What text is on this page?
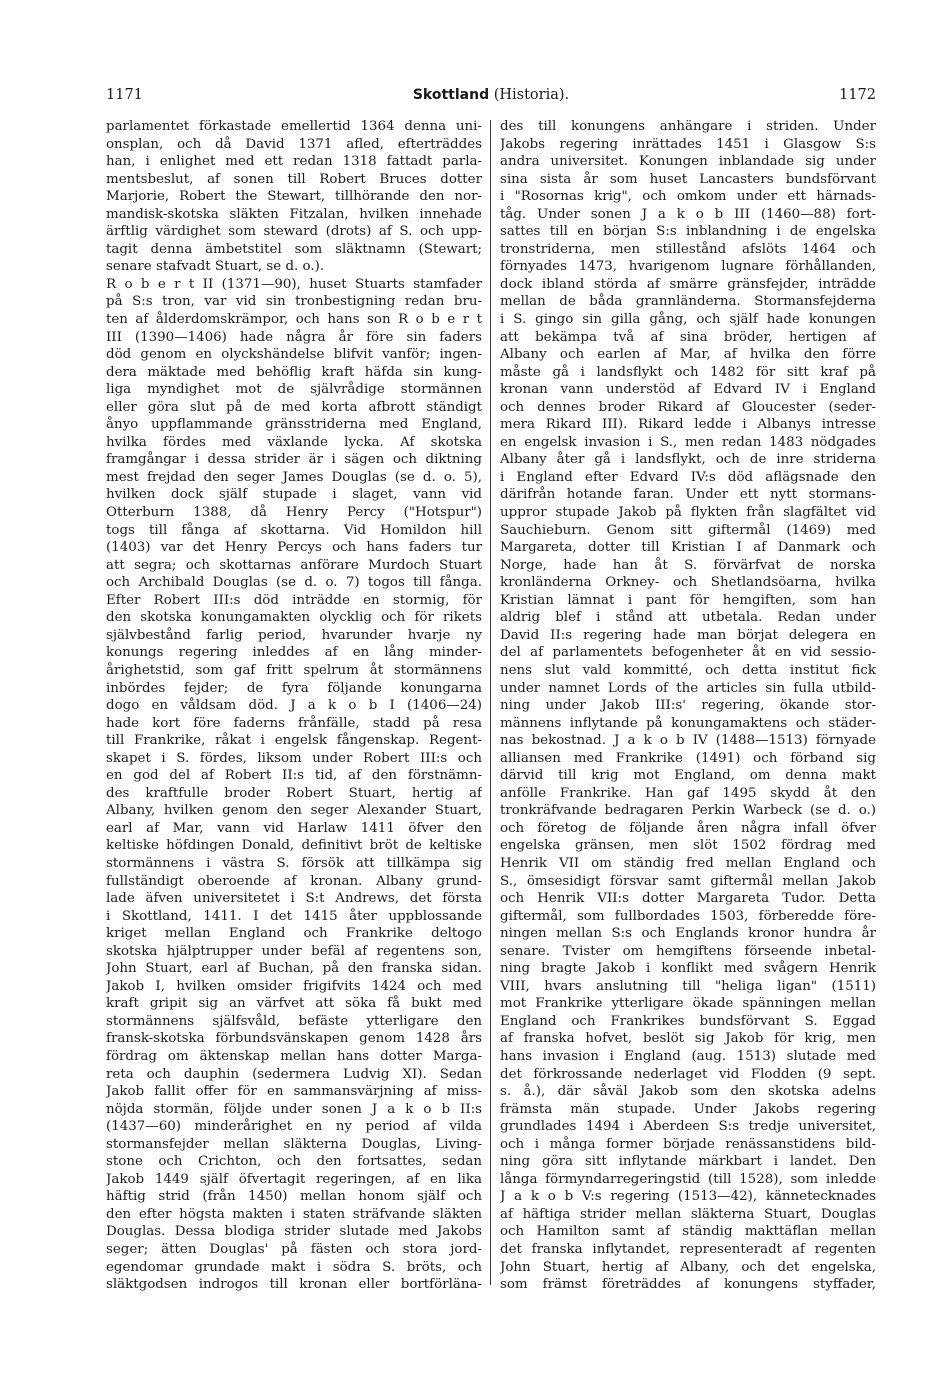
1171	Skottland (Historia).	1172
parlamentet förkastade emellertid 1364 denna uni-
onsplan, och då David 1371 afled, efterträddes
han, i enlighet med ett redan 1318 fattadt parla-
mentsbeslut, af sonen till Robert Bruces dotter
Marjorie, Robert the Stewart, tillhörande den nor-
mandisk-skotska släkten Fitzalan, hvilken innehade
ärftlig värdighet som steward (drots) af S. och upp-
tagit denna ämbetstitel som släktnamn (Stewart;
senare stafvadt Stuart, se d. o.).
R o b e r t II (1371—90), huset Stuarts stamfader
på S:s tron, var vid sin tronbestigning redan bru-
ten af ålderdomskrämpor, och hans son R o b e r t
III (1390—1406) hade några år före sin faders
död genom en olyckshändelse blifvit vanför; ingen-
dera mäktade med behöflig kraft häfda sin kung-
liga myndighet mot de självrådige stormännen
eller göra slut på de med korta afbrott ständigt
ånyo uppflammande gränsstriderna med England,
hvilka fördes med växlande lycka. Af skotska
framgångar i dessa strider är i sägen och diktning
mest frejdad den seger James Douglas (se d. o. 5),
hvilken dock själf stupade i slaget, vann vid
Otterburn 1388, då Henry Percy ("Hotspur")
togs till fånga af skottarna. Vid Homildon hill
(1403) var det Henry Percys och hans faders tur
att segra; och skottarnas anförare Murdoch Stuart
och Archibald Douglas (se d. o. 7) togos till fånga.
Efter Robert III:s död inträdde en stormig, för
den skotska konungamakten olycklig och för rikets
självbestånd farlig period, hvarunder hvarje ny
konungs regering inleddes af en lång minder-
årighetstid, som gaf fritt spelrum åt stormännens
inbördes fejder; de fyra följande konungarna
dogo en våldsam död. J a k o b I (1406—24)
hade kort före faderns frånfälle, stadd på resa
till Frankrike, råkat i engelsk fångenskap. Regent-
skapet i S. fördes, liksom under Robert III:s och
en god del af Robert II:s tid, af den förstnämn-
des kraftfulle broder Robert Stuart, hertig af
Albany, hvilken genom den seger Alexander Stuart,
earl af Mar, vann vid Harlaw 1411 öfver den
keltiske höfdingen Donald, definitivt bröt de keltiske
stormännens i västra S. försök att tillkämpa sig
fullständigt oberoende af kronan. Albany grund-
lade äfven universitetet i S:t Andrews, det första
i Skottland, 1411. I det 1415 åter uppblossande
kriget mellan England och Frankrike deltogo
skotska hjälptrupper under befäl af regentens son,
John Stuart, earl af Buchan, på den franska sidan.
Jakob I, hvilken omsider frigifvits 1424 och med
kraft gripit sig an värfvet att söka få bukt med
stormännens själfsvåld, befäste ytterligare den
fransk-skotska förbundsvänskapen genom 1428 års
fördrag om äktenskap mellan hans dotter Marga-
reta och dauphin (sedermera Ludvig XI). Sedan
Jakob fallit offer för en sammansvärjning af miss-
nöjda stormän, följde under sonen J a k o b II:s
(1437—60) minderårighet en ny period af vilda
stormansfejder mellan släkterna Douglas, Living-
stone och Crichton, och den fortsattes, sedan
Jakob 1449 själf öfvertagit regeringen, af en lika
häftig strid (från 1450) mellan honom själf och
den efter högsta makten i staten sträfvande släkten
Douglas. Dessa blodiga strider slutade med Jakobs
seger; ätten Douglas' på fästen och stora jord-
egendomar grundade makt i södra S. bröts, och
släktgodsen indrogos till kronan eller bortförläna-
des till konungens anhängare i striden. Under
Jakobs regering inrättades 1451 i Glasgow S:s
andra universitet. Konungen inblandade sig under
sina sista år som huset Lancasters bundsförvant
i "Rosornas krig", och omkom under ett härnads-
tåg. Under sonen J a k o b III (1460—88) fort-
sattes till en början S:s inblandning i de engelska
tronstriderna, men stillestånd afslöts 1464 och
förnyades 1473, hvarigenom lugnare förhållanden,
dock ibland störda af smärre gränsfejder, inträdde
mellan de båda grannländerna. Stormansfejderna
i S. gingo sin gilla gång, och själf hade konungen
att bekämpa två af sina bröder, hertigen af
Albany och earlen af Mar, af hvilka den förre
måste gå i landsflykt och 1482 för sitt kraf på
kronan vann understöd af Edvard IV i England
och dennes broder Rikard af Gloucester (seder-
mera Rikard III). Rikard ledde i Albanys intresse
en engelsk invasion i S., men redan 1483 nödgades
Albany åter gå i landsflykt, och de inre striderna
i England efter Edvard IV:s död aflägsnade den
därifrån hotande faran. Under ett nytt stormans-
uppror stupade Jakob på flykten från slagfältet vid
Sauchieburn. Genom sitt giftermål (1469) med
Margareta, dotter till Kristian I af Danmark och
Norge, hade han åt S. förvärfvat de norska
kronländerna Orkney- och Shetlandsöarna, hvilka
Kristian lämnat i pant för hemgiften, som han
aldrig blef i stånd att utbetala. Redan under
David II:s regering hade man börjat delegera en
del af parlamentets befogenheter åt en vid sessio-
nens slut vald kommitté, och detta institut fick
under namnet Lords of the articles sin fulla utbild-
ning under Jakob III:s' regering, ökande stor-
männens inflytande på konungamaktens och städer-
nas bekostnad. J a k o b IV (1488—1513) förnyade
alliansen med Frankrike (1491) och förband sig
därvid till krig mot England, om denna makt
anfölle Frankrike. Han gaf 1495 skydd åt den
tronkräfvande bedragaren Perkin Warbeck (se d. o.)
och företog de följande åren några infall öfver
engelska gränsen, men slöt 1502 fördrag med
Henrik VII om ständig fred mellan England och
S., ömsesidigt försvar samt giftermål mellan Jakob
och Henrik VII:s dotter Margareta Tudor. Detta
giftermål, som fullbordades 1503, förberedde före-
ningen mellan S:s och Englands kronor hundra år
senare. Tvister om hemgiftens förseende inbetal-
ning bragte Jakob i konflikt med svågern Henrik
VIII, hvars anslutning till "heliga ligan" (1511)
mot Frankrike ytterligare ökade spänningen mellan
England och Frankrikes bundsförvant S. Eggad
af franska hofvet, beslöt sig Jakob för krig, men
hans invasion i England (aug. 1513) slutade med
det förkrossande nederlaget vid Flodden (9 sept.
s. å.), där såväl Jakob som den skotska adelns
främsta män stupade. Under Jakobs regering
grundlades 1494 i Aberdeen S:s tredje universitet,
och i många former började renässanstidens bild-
ning göra sitt inflytande märkbart i landet. Den
långa förmyndarregeringstid (till 1528), som inledde
J a k o b V:s regering (1513—42), kännetecknades
af häftiga strider mellan släkterna Stuart, Douglas
och Hamilton samt af ständig makttäflan mellan
det franska inflytandet, representeradt af regenten
John Stuart, hertig af Albany, och det engelska,
som främst företräddes af konungens styffader,
